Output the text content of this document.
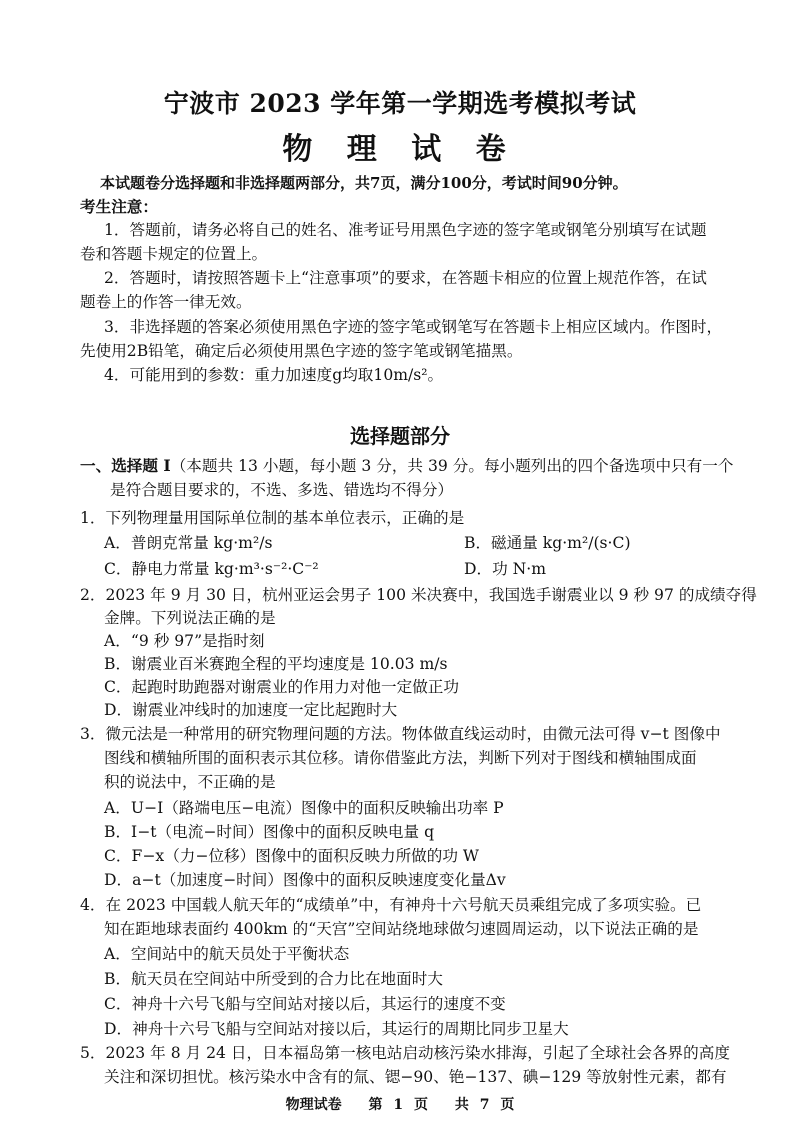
宁波市 2023 学年第一学期选考模拟考试
物 理 试 卷
本试题卷分选择题和非选择题两部分，共7页，满分100分，考试时间90分钟。
考生注意：
1．答题前，请务必将自己的姓名、准考证号用黑色字迹的签字笔或钢笔分别填写在试题
卷和答题卡规定的位置上。
2．答题时，请按照答题卡上“注意事项”的要求，在答题卡相应的位置上规范作答，在试
题卷上的作答一律无效。
3．非选择题的答案必须使用黑色字迹的签字笔或钢笔写在答题卡上相应区域内。作图时，
先使用2B铅笔，确定后必须使用黑色字迹的签字笔或钢笔描黑。
4．可能用到的参数：重力加速度g均取10m/s²。
选择题部分
一、选择题 I（本题共 13 小题，每小题 3 分，共 39 分。每小题列出的四个备选项中只有一个
是符合题目要求的，不选、多选、错选均不得分）
1．下列物理量用国际单位制的基本单位表示，正确的是
A．普朗克常量 kg·m²/s	B．磁通量 kg·m²/(s·C)
C．静电力常量 kg·m³·s⁻²·C⁻²	D．功 N·m
2．2023 年 9 月 30 日，杭州亚运会男子 100 米决赛中，我国选手谢震业以 9 秒 97 的成绩夺得
金牌。下列说法正确的是
A．“9 秒 97”是指时刻
B．谢震业百米赛跑全程的平均速度是 10.03 m/s
C．起跑时助跑器对谢震业的作用力对他一定做正功
D．谢震业冲线时的加速度一定比起跑时大
3．微元法是一种常用的研究物理问题的方法。物体做直线运动时，由微元法可得 v−t 图像中
图线和横轴所围的面积表示其位移。请你借鉴此方法，判断下列对于图线和横轴围成面
积的说法中，不正确的是
A．U−I（路端电压−电流）图像中的面积反映输出功率 P
B．I−t（电流−时间）图像中的面积反映电量 q
C．F−x（力−位移）图像中的面积反映力所做的功 W
D．a−t（加速度−时间）图像中的面积反映速度变化量Δv
4．在 2023 中国载人航天年的“成绩单”中，有神舟十六号航天员乘组完成了多项实验。已
知在距地球表面约 400km 的“天宫”空间站绕地球做匀速圆周运动，以下说法正确的是
A．空间站中的航天员处于平衡状态
B．航天员在空间站中所受到的合力比在地面时大
C．神舟十六号飞船与空间站对接以后，其运行的速度不变
D．神舟十六号飞船与空间站对接以后，其运行的周期比同步卫星大
5．2023 年 8 月 24 日，日本福岛第一核电站启动核污染水排海，引起了全球社会各界的高度
关注和深切担忧。核污染水中含有的氚、锶−90、铯−137、碘−129 等放射性元素，都有
物理试卷 第 1 页 共 7 页
